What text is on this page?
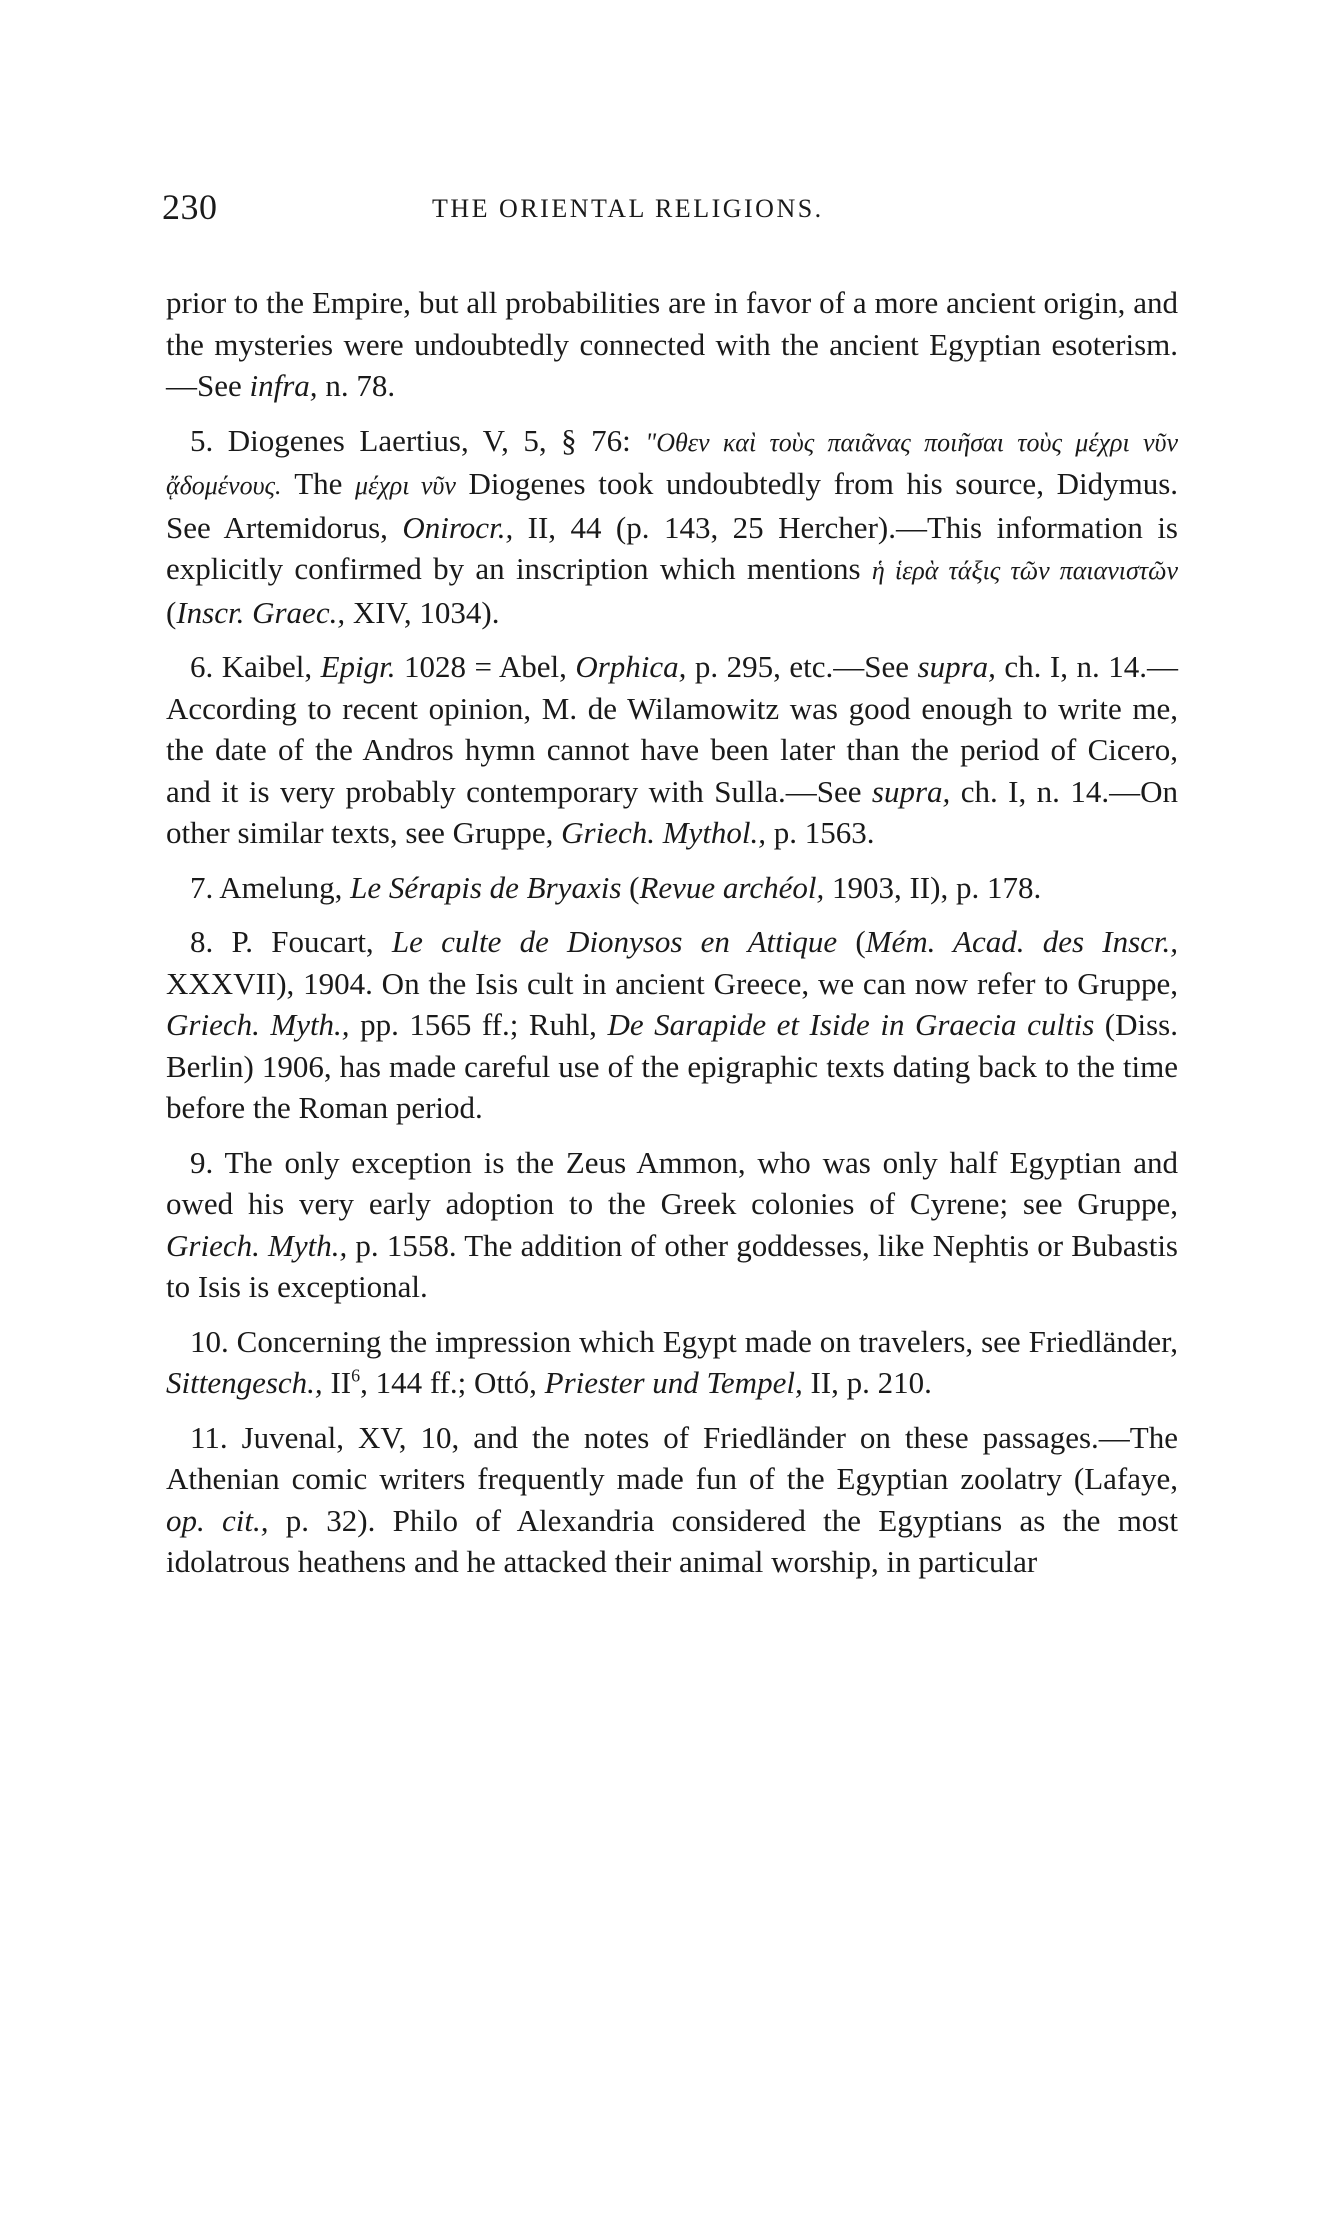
230	THE ORIENTAL RELIGIONS.

prior to the Empire, but all probabilities are in favor of a more ancient origin, and the mysteries were undoubtedly connected with the ancient Egyptian esoterism.—See infra, n. 78.

5. Diogenes Laertius, V, 5, § 76: "Οθεν καὶ τοὺς παιᾶνας ποιῆσαι τοὺς μέχρι νῦν ᾄδομένους. The μέχρι νῦν Diogenes took undoubtedly from his source, Didymus. See Artemidorus, Onirocr., II, 44 (p. 143, 25 Hercher).—This information is explicitly confirmed by an inscription which mentions ἡ ἱερὰ τάξις τῶν παιανιστῶν (Inscr. Graec., XIV, 1034).

6. Kaibel, Epigr. 1028 = Abel, Orphica, p. 295, etc.—See supra, ch. I, n. 14.—According to recent opinion, M. de Wilamowitz was good enough to write me, the date of the Andros hymn cannot have been later than the period of Cicero, and it is very probably contemporary with Sulla.—See supra, ch. I, n. 14.—On other similar texts, see Gruppe, Griech. Mythol., p. 1563.

7. Amelung, Le Sérapis de Bryaxis (Revue archéol, 1903, II), p. 178.

8. P. Foucart, Le culte de Dionysos en Attique (Mém. Acad. des Inscr., XXXVII), 1904. On the Isis cult in ancient Greece, we can now refer to Gruppe, Griech. Myth., pp. 1565 ff.; Ruhl, De Sarapide et Iside in Graecia cultis (Diss. Berlin) 1906, has made careful use of the epigraphic texts dating back to the time before the Roman period.

9. The only exception is the Zeus Ammon, who was only half Egyptian and owed his very early adoption to the Greek colonies of Cyrene; see Gruppe, Griech. Myth., p. 1558. The addition of other goddesses, like Nephtis or Bubastis to Isis is exceptional.

10. Concerning the impression which Egypt made on travelers, see Friedländer, Sittengesch., $II^6$, 144 ff.; Ottó, Priester und Tempel, II, p. 210.

11. Juvenal, XV, 10, and the notes of Friedländer on these passages.—The Athenian comic writers frequently made fun of the Egyptian zoolatry (Lafaye, op. cit., p. 32). Philo of Alexandria considered the Egyptians as the most idolatrous heathens and he attacked their animal worship, in particular
